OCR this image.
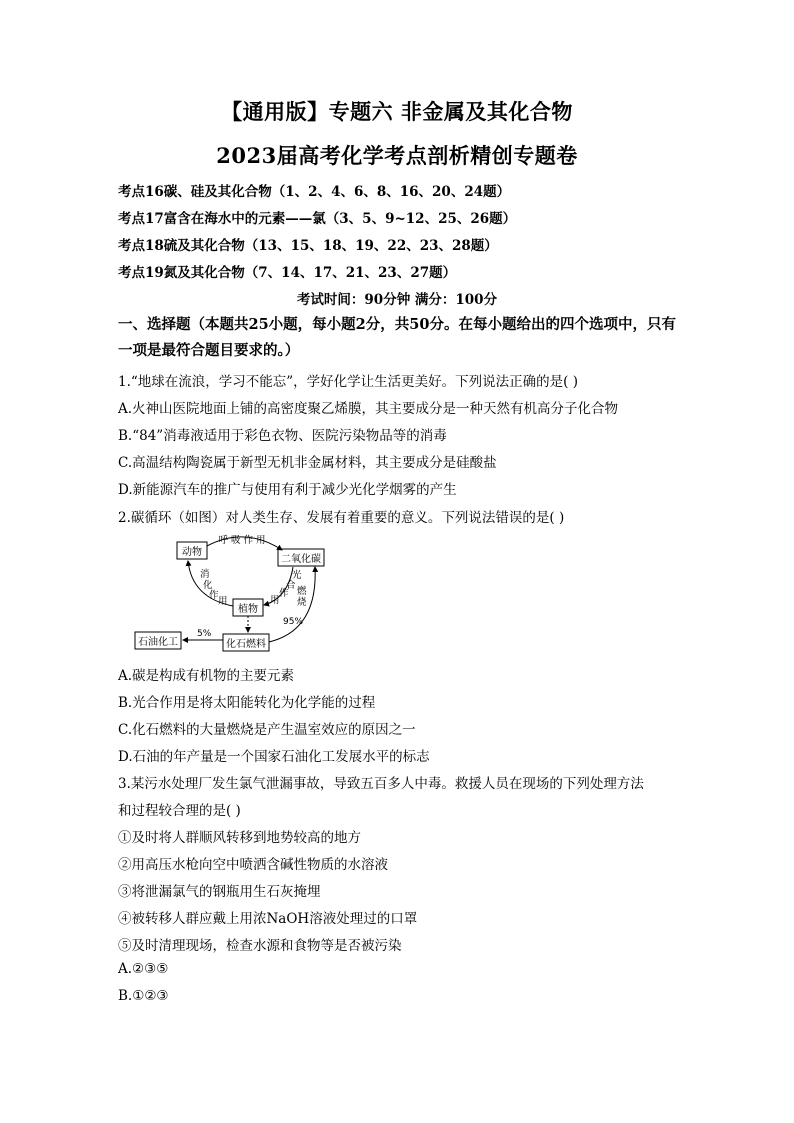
【通用版】专题六 非金属及其化合物
2023届高考化学考点剖析精创专题卷
考点16碳、硅及其化合物（1、2、4、6、8、16、20、24题）
考点17富含在海水中的元素——氯（3、5、9~12、25、26题）
考点18硫及其化合物（13、15、18、19、22、23、28题）
考点19氮及其化合物（7、14、17、21、23、27题）
考试时间：90分钟 满分：100分
一、选择题（本题共25小题，每小题2分，共50分。在每小题给出的四个选项中，只有
一项是最符合题目要求的。）
1.“地球在流浪，学习不能忘”，学好化学让生活更美好。下列说法正确的是( )
A.火神山医院地面上铺的高密度聚乙烯膜，其主要成分是一种天然有机高分子化合物
B.“84”消毒液适用于彩色衣物、医院污染物品等的消毒
C.高温结构陶瓷属于新型无机非金属材料，其主要成分是硅酸盐
D.新能源汽车的推广与使用有利于减少光化学烟雾的产生
2.碳循环（如图）对人类生存、发展有着重要的意义。下列说法错误的是( )
动物
二氧化碳
植物
化石燃料
石油化工
呼 吸 作 用
消
化
作
用
光
合
作
用
燃
烧
95%
5%
A.碳是构成有机物的主要元素
B.光合作用是将太阳能转化为化学能的过程
C.化石燃料的大量燃烧是产生温室效应的原因之一
D.石油的年产量是一个国家石油化工发展水平的标志
3.某污水处理厂发生氯气泄漏事故，导致五百多人中毒。救援人员在现场的下列处理方法
和过程较合理的是( )
①及时将人群顺风转移到地势较高的地方
②用高压水枪向空中喷洒含碱性物质的水溶液
③将泄漏氯气的钢瓶用生石灰掩埋
④被转移人群应戴上用浓NaOH溶液处理过的口罩
⑤及时清理现场，检查水源和食物等是否被污染
A.②③⑤
B.①②③
